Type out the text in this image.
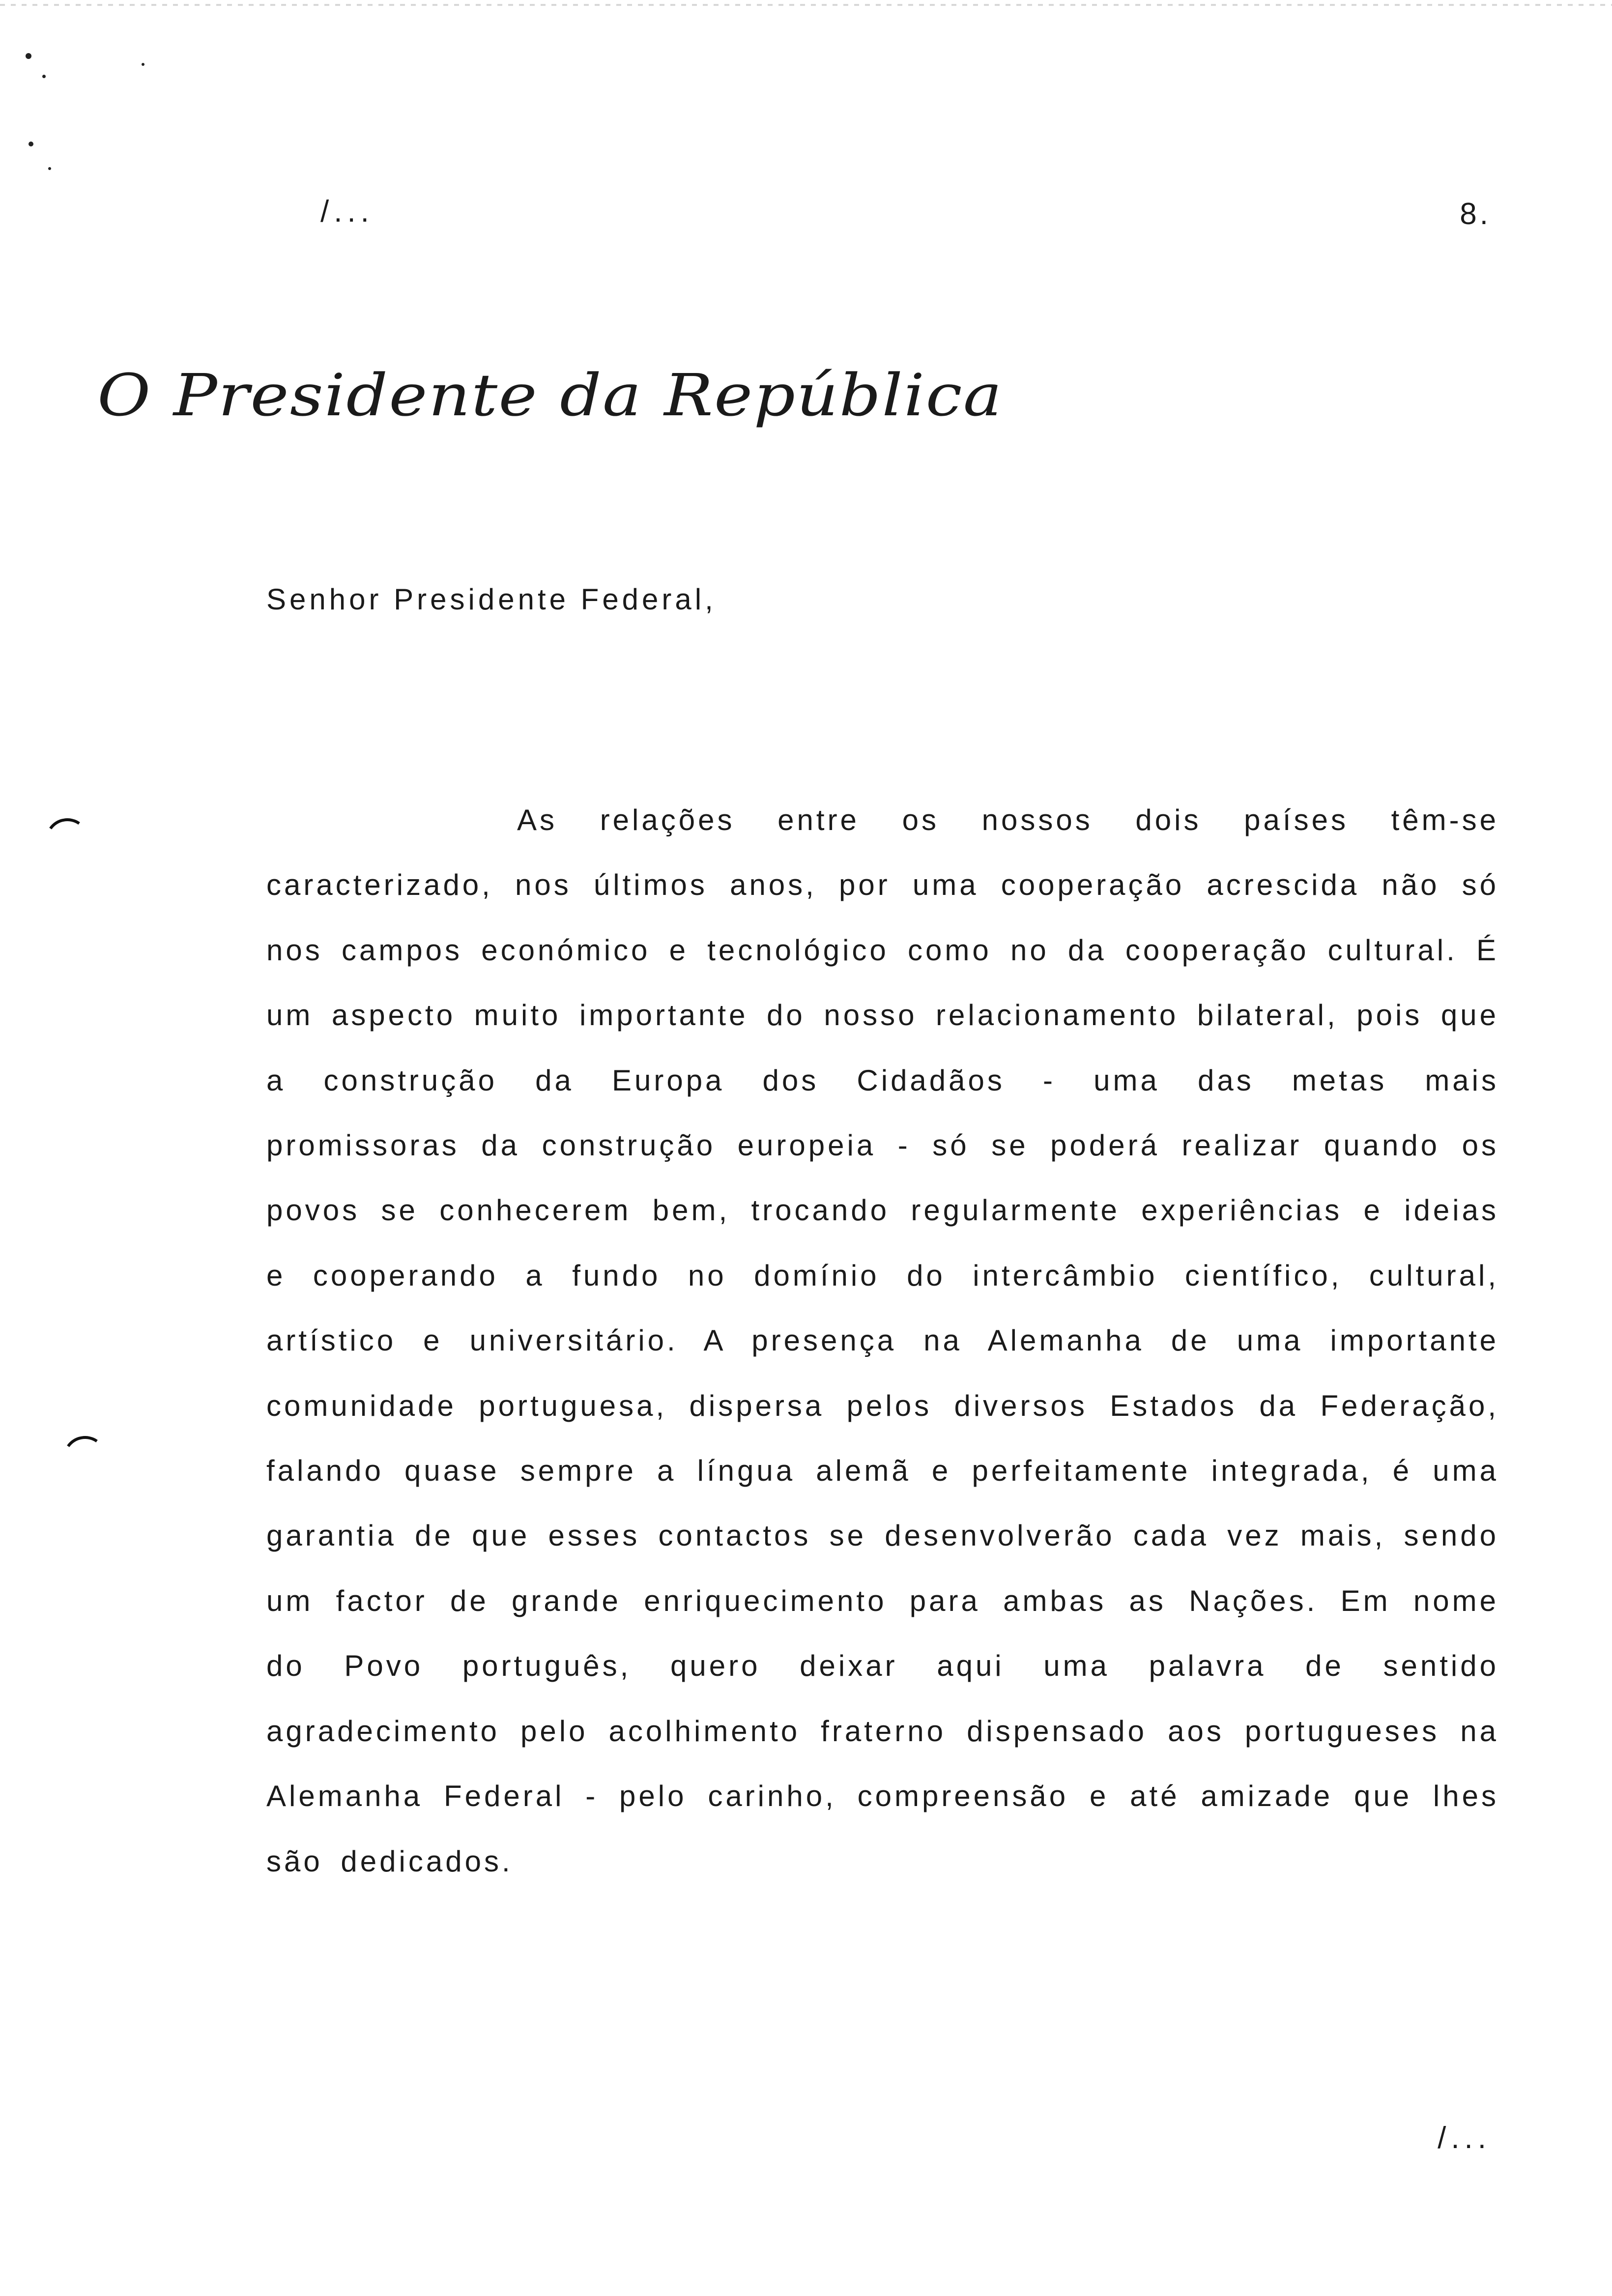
/...	8.
O Presidente da República
Senhor Presidente Federal,
As relações entre os nossos dois países têm-se caracterizado, nos últimos anos, por uma cooperação acrescida não só nos campos económico e tecnológico como no da cooperação cultural. É um aspecto muito importante do nosso relacionamento bilateral, pois que a construção da Europa dos Cidadãos - uma das metas mais promissoras da construção europeia - só se poderá realizar quando os povos se conhecerem bem, trocando regularmente experiências e ideias e cooperando a fundo no domínio do intercâmbio científico, cultural, artístico e universitário. A presença na Alemanha de uma importante comunidade portuguesa, dispersa pelos diversos Estados da Federação, falando quase sempre a língua alemã e perfeitamente integrada, é uma garantia de que esses contactos se desenvolverão cada vez mais, sendo um factor de grande enriquecimento para ambas as Nações. Em nome do Povo português, quero deixar aqui uma palavra de sentido agradecimento pelo acolhimento fraterno dispensado aos portugueses na Alemanha Federal - pelo carinho, compreensão e até amizade que lhes são dedicados.
/...
